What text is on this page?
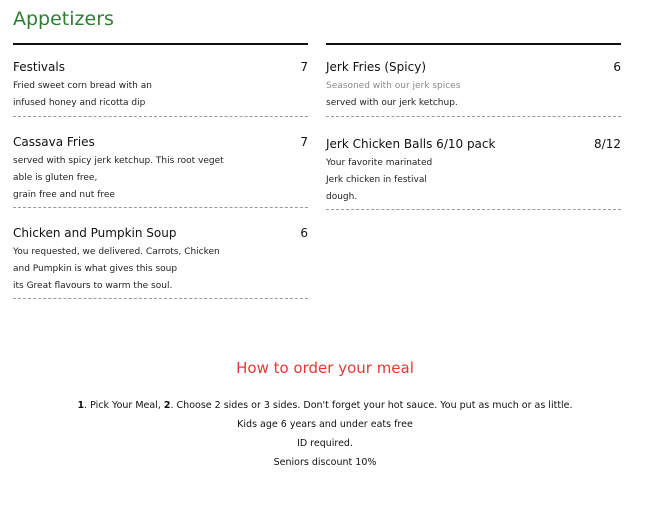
Appetizers
Festivals	7
Fried sweet corn bread with an
infused honey and ricotta dip
Cassava Fries	7
served with spicy jerk ketchup. This root veget
able is gluten free,
grain free and nut free
Chicken and Pumpkin Soup	6
You requested, we delivered. Carrots, Chicken
and Pumpkin is what gives this soup
its Great flavours to warm the soul.
Jerk Fries (Spicy)	6
Seasoned with our jerk spices
served with our jerk ketchup.
Jerk Chicken Balls 6/10 pack	8/12
Your favorite marinated
Jerk chicken in festival
dough.
How to order your meal
1. Pick Your Meal, 2. Choose 2 sides or 3 sides. Don't forget your hot sauce. You put as much or as little.
Kids age 6 years and under eats free
ID required.
Seniors discount 10%
